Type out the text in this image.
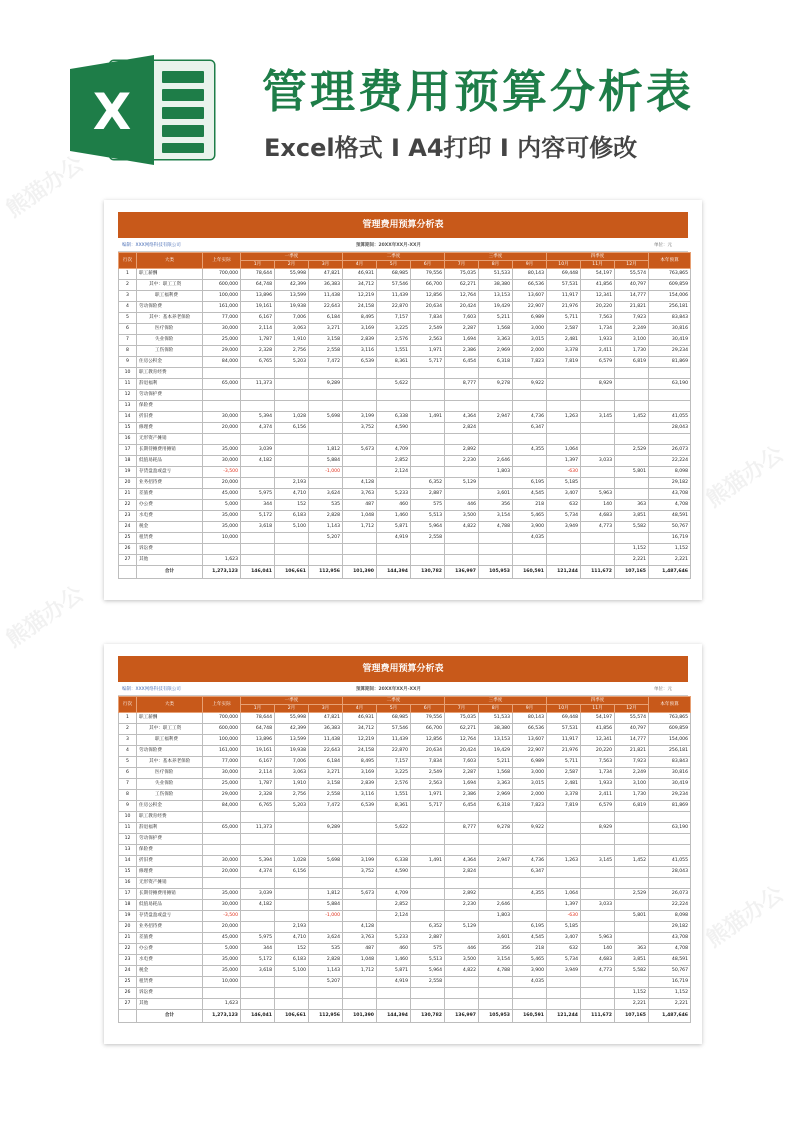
X	管理费用预算分析表
Excel格式 I A4打印 I 内容可修改
管理费用预算分析表
编制：XXX网络科技有限公司	预算期间：20XX年XX月-XX月	单位：元
行次	大类	上年实际	一季度			二季度			三季度			四季度			本年预算
			1月	2月	3月	4月	5月	6月	7月	8月	9月	10月	11月	12月	
1	职工薪酬	700,000	78,644	55,998	47,821	46,931	68,985	79,556	75,035	51,533	80,143	69,448	54,197	55,574	763,865
2	其中：职工工资	600,000	64,748	42,399	36,383	34,712	57,546	66,700	62,271	38,380	66,536	57,531	41,856	40,797	609,859
3	职工福利费	100,000	13,896	13,599	11,438	12,219	11,439	12,856	12,764	13,153	13,607	11,917	12,341	14,777	154,006
4	劳动保险费	161,000	19,161	19,938	22,643	24,158	22,870	20,634	20,424	19,429	22,907	21,976	20,220	21,821	256,181
5	其中：基本养老保险	77,000	6,167	7,006	6,184	8,495	7,157	7,834	7,603	5,211	6,989	5,711	7,563	7,923	83,843
6	医疗保险	30,000	2,114	3,063	3,271	3,169	3,225	2,549	2,287	1,568	3,000	2,587	1,734	2,249	30,816
7	失业保险	25,000	1,787	1,910	3,158	2,839	2,576	2,563	1,694	3,363	3,015	2,481	1,933	3,100	30,419
8	工伤保险	29,000	2,328	2,756	2,558	3,116	1,551	1,971	2,386	2,969	2,000	3,378	2,411	1,730	29,234
9	住房公积金	84,000	6,765	5,203	7,472	6,539	8,361	5,717	6,454	6,318	7,823	7,819	6,579	6,819	81,869
10	职工教育经费														
11	辞退福利	65,000	11,373		9,289		5,622		8,777	9,278	9,922		8,929		63,190
12	劳动保护费														
13	保险费														
14	折旧费	30,000	5,394	1,028	5,698	3,199	6,338	1,491	4,364	2,947	4,736	1,263	3,145	1,452	41,055
15	修理费	20,000	4,374	6,156		3,752	4,590		2,824		6,347				28,043
16	无形资产摊销														
17	长期待摊费用摊销	35,000	3,039		1,812	5,673	4,709		2,892		4,355	1,064		2,529	26,073
18	低值易耗品	30,000	4,182		5,884		2,852		2,230	2,646		1,397	3,033		22,224
19	存货盘盈或盘亏	-3,500			-1,000		2,124			1,803		-630		5,801	8,098
20	业务招待费	20,000		2,193		4,128		6,352	5,129		6,195	5,185			29,182
21	差旅费	45,000	5,975	4,710	3,624	3,763	5,233	2,887		3,601	4,545	3,407	5,963		43,708
22	办公费	5,000	344	152	535	487	460	575	446	356	218	632	140	363	4,708
23	水电费	35,000	5,172	6,183	2,828	1,048	1,460	5,513	3,500	3,154	5,465	5,734	4,683	3,851	48,591
24	税金	35,000	3,618	5,100	1,143	1,712	5,871	5,964	4,822	4,788	3,900	3,949	4,773	5,582	50,767
25	租赁费	10,000			5,207		4,919	2,558			4,035				16,719
26	诉讼费													1,152	1,152
27	其他	1,623												2,221	2,221
	合计	1,273,123	146,041	106,661	112,956	101,390	144,394	130,782	136,997	105,953	160,591	121,244	111,672	107,165	1,487,646
管理费用预算分析表
编制：XXX网络科技有限公司	预算期间：20XX年XX月-XX月	单位：元
行次	大类	上年实际	一季度			二季度			三季度			四季度			本年预算
			1月	2月	3月	4月	5月	6月	7月	8月	9月	10月	11月	12月	
1	职工薪酬	700,000	78,644	55,998	47,821	46,931	68,985	79,556	75,035	51,533	80,143	69,448	54,197	55,574	763,865
2	其中：职工工资	600,000	64,748	42,399	36,383	34,712	57,546	66,700	62,271	38,380	66,536	57,531	41,856	40,797	609,859
3	职工福利费	100,000	13,896	13,599	11,438	12,219	11,439	12,856	12,764	13,153	13,607	11,917	12,341	14,777	154,006
4	劳动保险费	161,000	19,161	19,938	22,643	24,158	22,870	20,634	20,424	19,429	22,907	21,976	20,220	21,821	256,181
5	其中：基本养老保险	77,000	6,167	7,006	6,184	8,495	7,157	7,834	7,603	5,211	6,989	5,711	7,563	7,923	83,843
6	医疗保险	30,000	2,114	3,063	3,271	3,169	3,225	2,549	2,287	1,568	3,000	2,587	1,734	2,249	30,816
7	失业保险	25,000	1,787	1,910	3,158	2,839	2,576	2,563	1,694	3,363	3,015	2,481	1,933	3,100	30,419
8	工伤保险	29,000	2,328	2,756	2,558	3,116	1,551	1,971	2,386	2,969	2,000	3,378	2,411	1,730	29,234
9	住房公积金	84,000	6,765	5,203	7,472	6,539	8,361	5,717	6,454	6,318	7,823	7,819	6,579	6,819	81,869
10	职工教育经费														
11	辞退福利	65,000	11,373		9,289		5,622		8,777	9,278	9,922		8,929		63,190
12	劳动保护费														
13	保险费														
14	折旧费	30,000	5,394	1,028	5,698	3,199	6,338	1,491	4,364	2,947	4,736	1,263	3,145	1,452	41,055
15	修理费	20,000	4,374	6,156		3,752	4,590		2,824		6,347				28,043
16	无形资产摊销														
17	长期待摊费用摊销	35,000	3,039		1,812	5,673	4,709		2,892		4,355	1,064		2,529	26,073
18	低值易耗品	30,000	4,182		5,884		2,852		2,230	2,646		1,397	3,033		22,224
19	存货盘盈或盘亏	-3,500			-1,000		2,124			1,803		-630		5,801	8,098
20	业务招待费	20,000		2,193		4,128		6,352	5,129		6,195	5,185			29,182
21	差旅费	45,000	5,975	4,710	3,624	3,763	5,233	2,887		3,601	4,545	3,407	5,963		43,708
22	办公费	5,000	344	152	535	487	460	575	446	356	218	632	140	363	4,708
23	水电费	35,000	5,172	6,183	2,828	1,048	1,460	5,513	3,500	3,154	5,465	5,734	4,683	3,851	48,591
24	税金	35,000	3,618	5,100	1,143	1,712	5,871	5,964	4,822	4,788	3,900	3,949	4,773	5,582	50,767
25	租赁费	10,000			5,207		4,919	2,558			4,035				16,719
26	诉讼费													1,152	1,152
27	其他	1,623												2,221	2,221
	合计	1,273,123	146,041	106,661	112,956	101,390	144,394	130,782	136,997	105,953	160,591	121,244	111,672	107,165	1,487,646
熊猫办公
熊猫办公
熊猫办公
